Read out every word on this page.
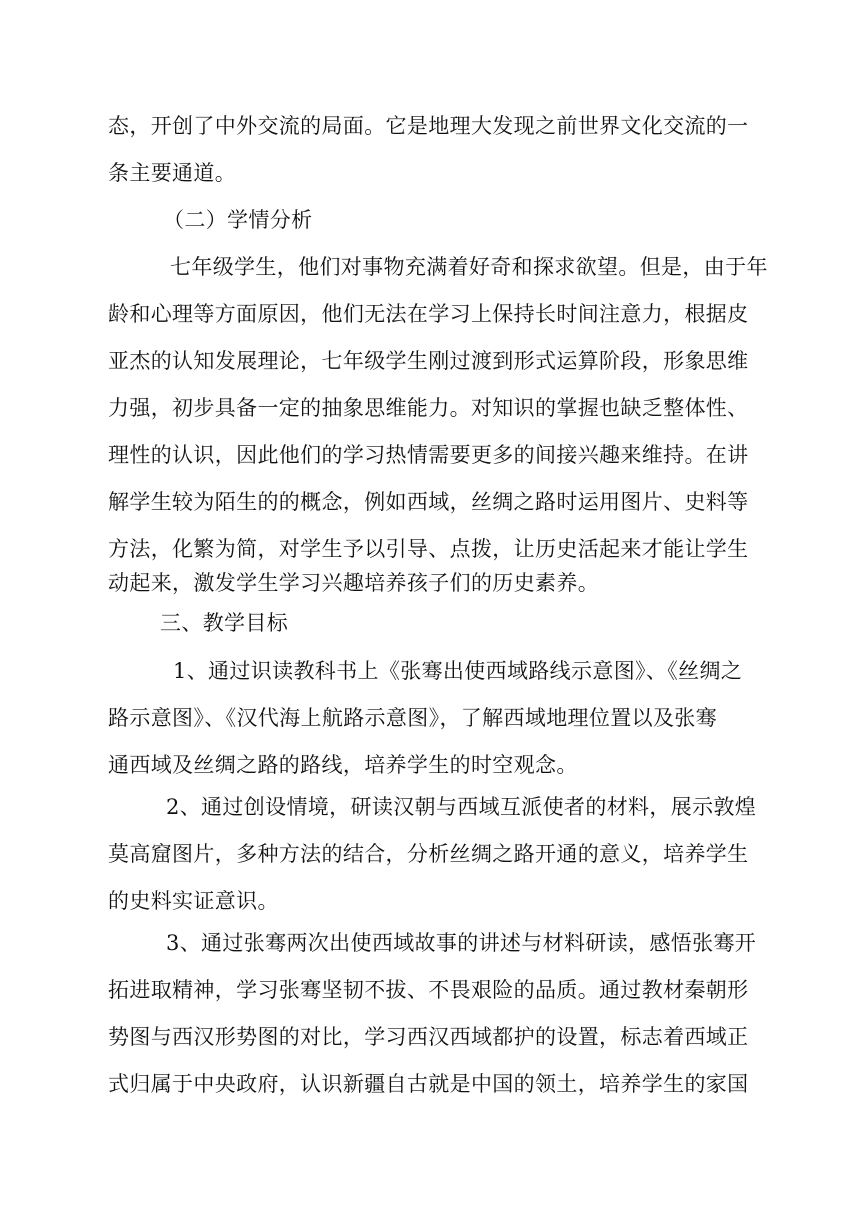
态，开创了中外交流的局面。它是地理大发现之前世界文化交流的一
条主要通道。
（二）学情分析
七年级学生，他们对事物充满着好奇和探求欲望。但是，由于年
龄和心理等方面原因，他们无法在学习上保持长时间注意力，根据皮
亚杰的认知发展理论，七年级学生刚过渡到形式运算阶段，形象思维
力强，初步具备一定的抽象思维能力。对知识的掌握也缺乏整体性、
理性的认识，因此他们的学习热情需要更多的间接兴趣来维持。在讲
解学生较为陌生的的概念，例如西域，丝绸之路时运用图片、史料等
方法，化繁为简，对学生予以引导、点拨，让历史活起来才能让学生
动起来，激发学生学习兴趣培养孩子们的历史素养。
三、教学目标
1、通过识读教科书上《张骞出使西域路线示意图》、《丝绸之
路示意图》、《汉代海上航路示意图》，了解西域地理位置以及张骞
通西域及丝绸之路的路线，培养学生的时空观念。
2、通过创设情境，研读汉朝与西域互派使者的材料，展示敦煌
莫高窟图片，多种方法的结合，分析丝绸之路开通的意义，培养学生
的史料实证意识。
3、通过张骞两次出使西域故事的讲述与材料研读，感悟张骞开
拓进取精神，学习张骞坚韧不拔、不畏艰险的品质。通过教材秦朝形
势图与西汉形势图的对比，学习西汉西域都护的设置，标志着西域正
式归属于中央政府，认识新疆自古就是中国的领土，培养学生的家国
